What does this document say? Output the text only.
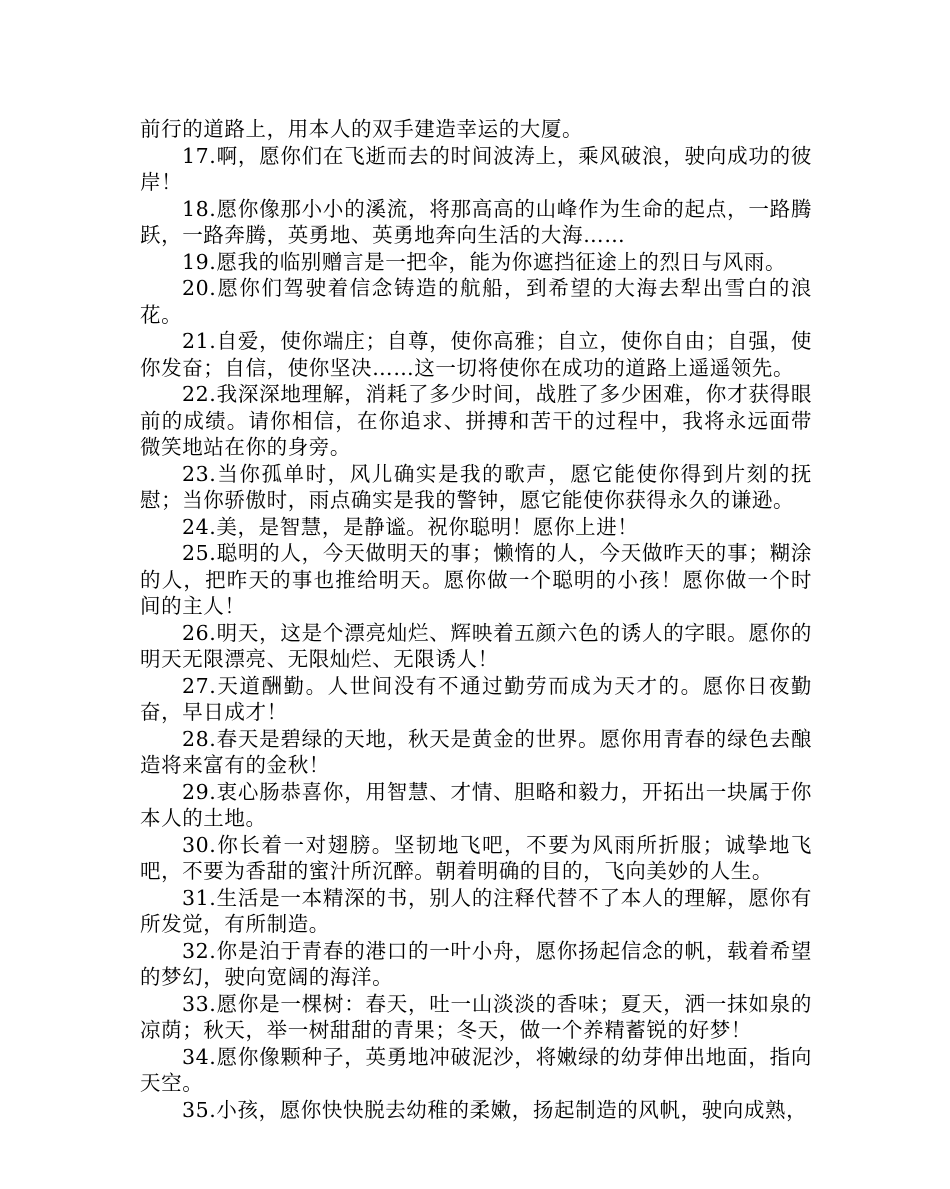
前行的道路上，用本人的双手建造幸运的大厦。

17.啊，愿你们在飞逝而去的时间波涛上，乘风破浪，驶向成功的彼岸！

18.愿你像那小小的溪流，将那高高的山峰作为生命的起点，一路腾跃，一路奔腾，英勇地、英勇地奔向生活的大海……

19.愿我的临别赠言是一把伞，能为你遮挡征途上的烈日与风雨。

20.愿你们驾驶着信念铸造的航船，到希望的大海去犁出雪白的浪花。

21.自爱，使你端庄；自尊，使你高雅；自立，使你自由；自强，使你发奋；自信，使你坚决……这一切将使你在成功的道路上遥遥领先。

22.我深深地理解，消耗了多少时间，战胜了多少困难，你才获得眼前的成绩。请你相信，在你追求、拼搏和苦干的过程中，我将永远面带微笑地站在你的身旁。

23.当你孤单时，风儿确实是我的歌声，愿它能使你得到片刻的抚慰；当你骄傲时，雨点确实是我的警钟，愿它能使你获得永久的谦逊。

24.美，是智慧，是静谧。祝你聪明！愿你上进！

25.聪明的人，今天做明天的事；懒惰的人，今天做昨天的事；糊涂的人，把昨天的事也推给明天。愿你做一个聪明的小孩！愿你做一个时间的主人！

26.明天，这是个漂亮灿烂、辉映着五颜六色的诱人的字眼。愿你的明天无限漂亮、无限灿烂、无限诱人！

27.天道酬勤。人世间没有不通过勤劳而成为天才的。愿你日夜勤奋，早日成才！

28.春天是碧绿的天地，秋天是黄金的世界。愿你用青春的绿色去酿造将来富有的金秋！

29.衷心肠恭喜你，用智慧、才情、胆略和毅力，开拓出一块属于你本人的土地。

30.你长着一对翅膀。坚韧地飞吧，不要为风雨所折服；诚挚地飞吧，不要为香甜的蜜汁所沉醉。朝着明确的目的，飞向美妙的人生。

31.生活是一本精深的书，别人的注释代替不了本人的理解，愿你有所发觉，有所制造。

32.你是泊于青春的港口的一叶小舟，愿你扬起信念的帆，载着希望的梦幻，驶向宽阔的海洋。

33.愿你是一棵树：春天，吐一山淡淡的香味；夏天，洒一抹如泉的凉荫；秋天，举一树甜甜的青果；冬天，做一个养精蓄锐的好梦！

34.愿你像颗种子，英勇地冲破泥沙，将嫩绿的幼芽伸出地面，指向天空。

35.小孩，愿你快快脱去幼稚的柔嫩，扬起制造的风帆，驶向成熟，
